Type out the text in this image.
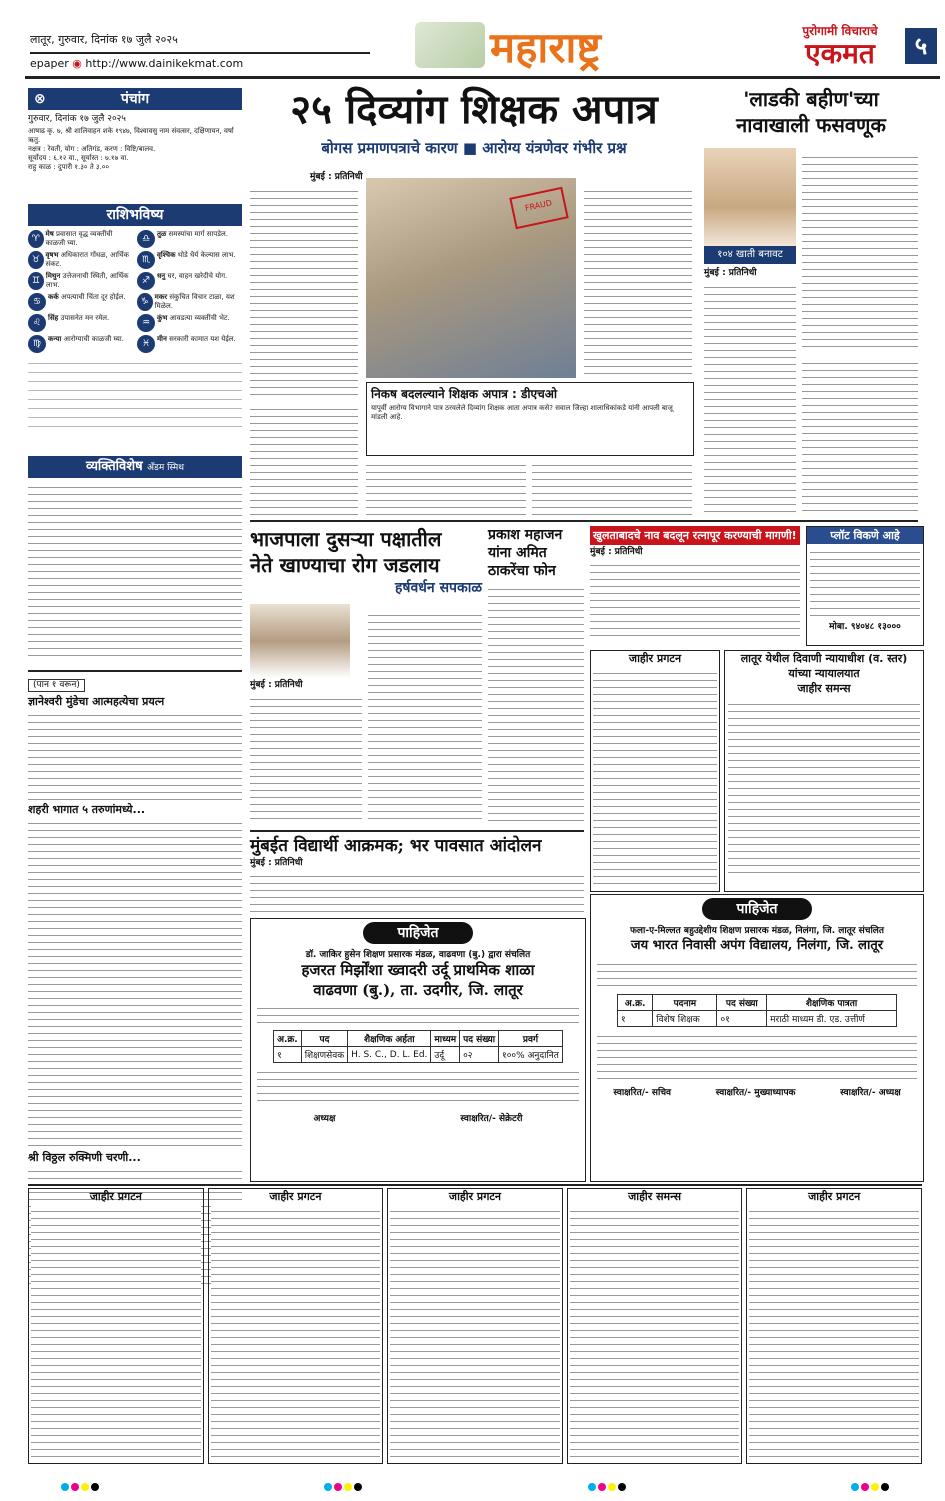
लातूर, गुरुवार, दिनांक १७ जुलै २०२५
epaper ◉ http://www.dainikekmat.com	महाराष्ट्र	पुरोगामी विचाराचे
एकमत	५
⊗	पंचांग
गुरुवार, दिनांक १७ जुलै २०२५
आषाढ कृ. ७, श्री शालिवाहन शके १९४७, विश्वावसु नाम संवत्सर, दक्षिणायन, वर्षा ऋतु.
नक्षत्र : रेवती, योग : अतिगंड, करण : विष्टि/बालव.
सूर्योदय : ६.१२ वा., सूर्यास्त : ७.१७ वा.
राहु काळ : दुपारी १.३० ते ३.००
राशिभविष्य
♈ मेष प्रवासात वृद्ध व्यक्तींची काळजी घ्या.	♎ तुळ समस्यांचा मार्ग सापडेल.
♉ वृषभ अधिकारात गोंधळ, आर्थिक संकट.	♏ वृश्चिक थोडे धैर्य केल्यास लाभ.
♊ मिथुन उत्तेजनाची स्थिती, आर्थिक लाभ.	♐ धनु घर, वाहन खरेदीचे योग.
♋ कर्क अपत्याची चिंता दूर होईल.	♑ मकर संकुचित विचार टाळा, यश मिळेल.
♌ सिंह उपासनेत मन रमेल.	♒ कुंभ आवडत्या व्यक्तींची भेट.
♍ कन्या आरोग्याची काळजी घ्या.	♓ मीन सरकारी कामात यश येईल.
व्यक्तिविशेष अँडम स्मिथ
(पान १ वरून)
ज्ञानेश्वरी मुंडेचा आत्महत्येचा प्रयत्न
शहरी भागात ५ तरुणांमध्ये...
श्री विठ्ठल रुक्मिणी चरणी...
२५ दिव्यांग शिक्षक अपात्र
बोगस प्रमाणपत्राचे कारण ■ आरोग्य यंत्रणेवर गंभीर प्रश्न
मुंबई : प्रतिनिधी
FRAUD
निकष बदलल्याने शिक्षक अपात्र : डीएचओ
यापूर्वी आरोग्य विभागाने पात्र ठरवलेले दिव्यांग शिक्षक आता अपात्र कसे? सवाल जिल्हा शालाधिकांकडे यांनी आपली बाजू मांडली आहे.
'लाडकी बहीण'च्या
नावाखाली फसवणूक
१०४ खाती बनावट
मुंबई : प्रतिनिधी
भाजपाला दुसऱ्या पक्षातील
नेते खाण्याचा रोग जडलाय
हर्षवर्धन सपकाळ
मुंबई : प्रतिनिधी
प्रकाश महाजन
यांना अमित
ठाकरेंचा फोन
खुलताबादचे नाव बदलून रत्नापूर करण्याची मागणी!
मुंबई : प्रतिनिधी
प्लॉट विकणे आहे
मोबा. ९४०४८ १३०००
जाहीर प्रगटन	लातूर येथील दिवाणी न्यायाधीश (व. स्तर)
यांच्या न्यायालयात
जाहीर समन्स
मुंबईत विद्यार्थी आक्रमक; भर पावसात आंदोलन
मुंबई : प्रतिनिधी
पाहिजेत
डॉ. जाकिर हुसेन शिक्षण प्रसारक मंडळ, वाढवणा (बु.) द्वारा संचलित
हजरत मिर्झोंशा ख्वादरी उर्दू प्राथमिक शाळा
वाढवणा (बु.), ता. उदगीर, जि. लातूर
अ.क्र.	पद	शैक्षणिक अर्हता	माध्यम	पद संख्या	प्रवर्ग
१	शिक्षणसेवक	H. S. C., D. L. Ed.	उर्दू	०२	१००% अनुदानित
अध्यक्ष	स्वाक्षरित/- सेक्रेटरी
पाहिजेत
फला-ए-मिल्लत बहुउद्देशीय शिक्षण प्रसारक मंडळ, निलंगा, जि. लातूर संचलित
जय भारत निवासी अपंग विद्यालय, निलंगा, जि. लातूर
अ.क्र.	पदनाम	पद संख्या	शैक्षणिक पात्रता
१	विशेष शिक्षक	०१	मराठी माध्यम डी. एड. उत्तीर्ण
स्वाक्षरित/- सचिव	स्वाक्षरित/- मुख्याध्यापक	स्वाक्षरित/- अध्यक्ष
जाहीर प्रगटन	जाहीर प्रगटन	जाहीर प्रगटन	जाहीर समन्स	जाहीर प्रगटन
